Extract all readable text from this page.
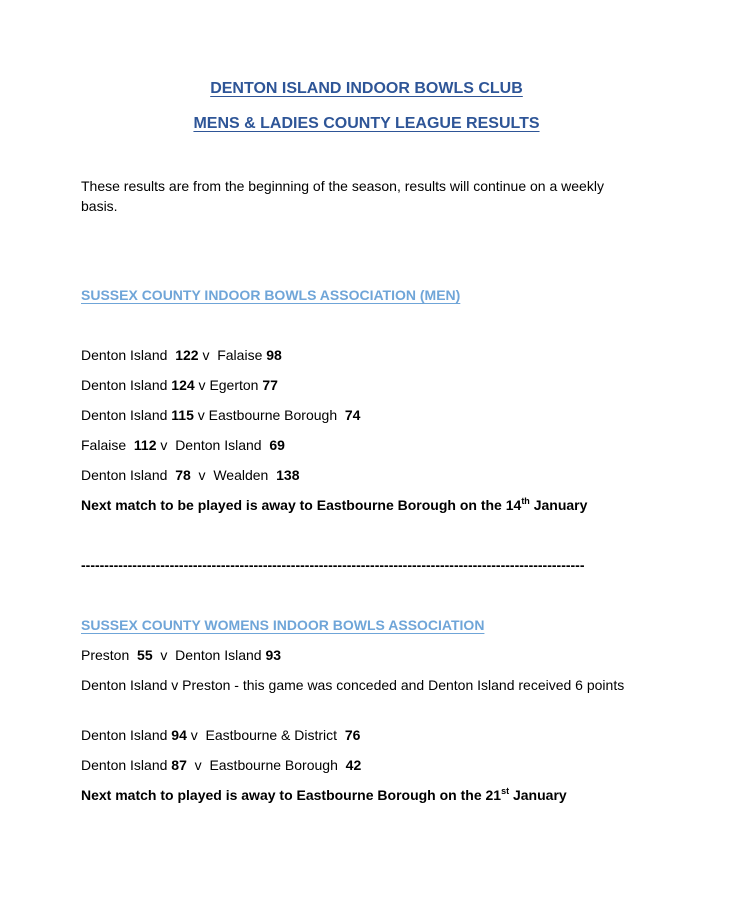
DENTON ISLAND INDOOR BOWLS CLUB
MENS & LADIES COUNTY LEAGUE RESULTS
These results are from the beginning of the season, results will continue on a weekly basis.
SUSSEX COUNTY INDOOR BOWLS ASSOCIATION (MEN)
Denton Island 122 v Falaise 98
Denton Island 124 v Egerton 77
Denton Island 115 v Eastbourne Borough 74
Falaise 112 v Denton Island 69
Denton Island 78 v Wealden 138
Next match to be played is away to Eastbourne Borough on the 14th January
------------------------------------------------------------------------------------------------------------
SUSSEX COUNTY WOMENS INDOOR BOWLS ASSOCIATION
Preston 55 v Denton Island 93
Denton Island v Preston - this game was conceded and Denton Island received 6 points
Denton Island 94 v Eastbourne & District 76
Denton Island 87 v Eastbourne Borough 42
Next match to played is away to Eastbourne Borough on the 21st January
